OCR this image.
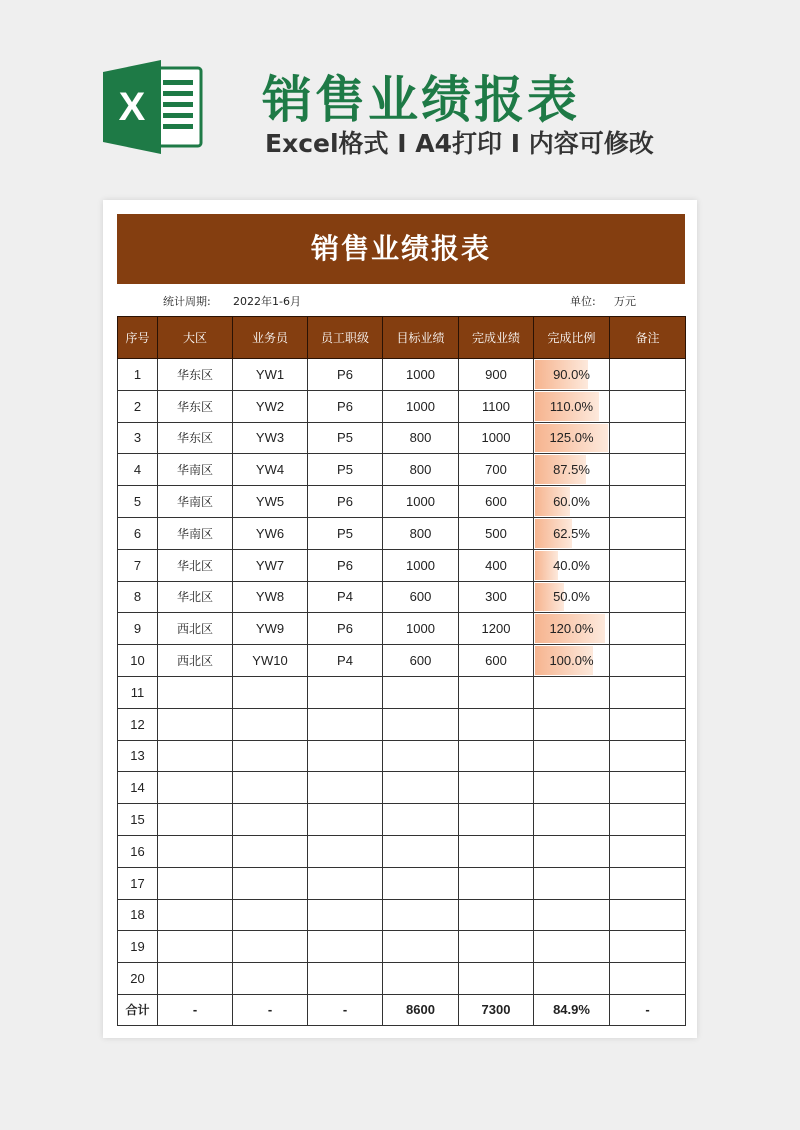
X 销售业绩报表
Excel格式 I A4打印 I 内容可修改
销售业绩报表
统计周期: 2022年1-6月	单位: 万元
序号	大区	业务员	员工职级	目标业绩	完成业绩	完成比例	备注
1	华东区	YW1	P6	1000	900	90.0%	
2	华东区	YW2	P6	1000	1100	110.0%	
3	华东区	YW3	P5	800	1000	125.0%	
4	华南区	YW4	P5	800	700	87.5%	
5	华南区	YW5	P6	1000	600	60.0%	
6	华南区	YW6	P5	800	500	62.5%	
7	华北区	YW7	P6	1000	400	40.0%	
8	华北区	YW8	P4	600	300	50.0%	
9	西北区	YW9	P6	1000	1200	120.0%	
10	西北区	YW10	P4	600	600	100.0%	
11							
12							
13							
14							
15							
16							
17							
18							
19							
20							
合计	-	-	-	8600	7300	84.9%	-
